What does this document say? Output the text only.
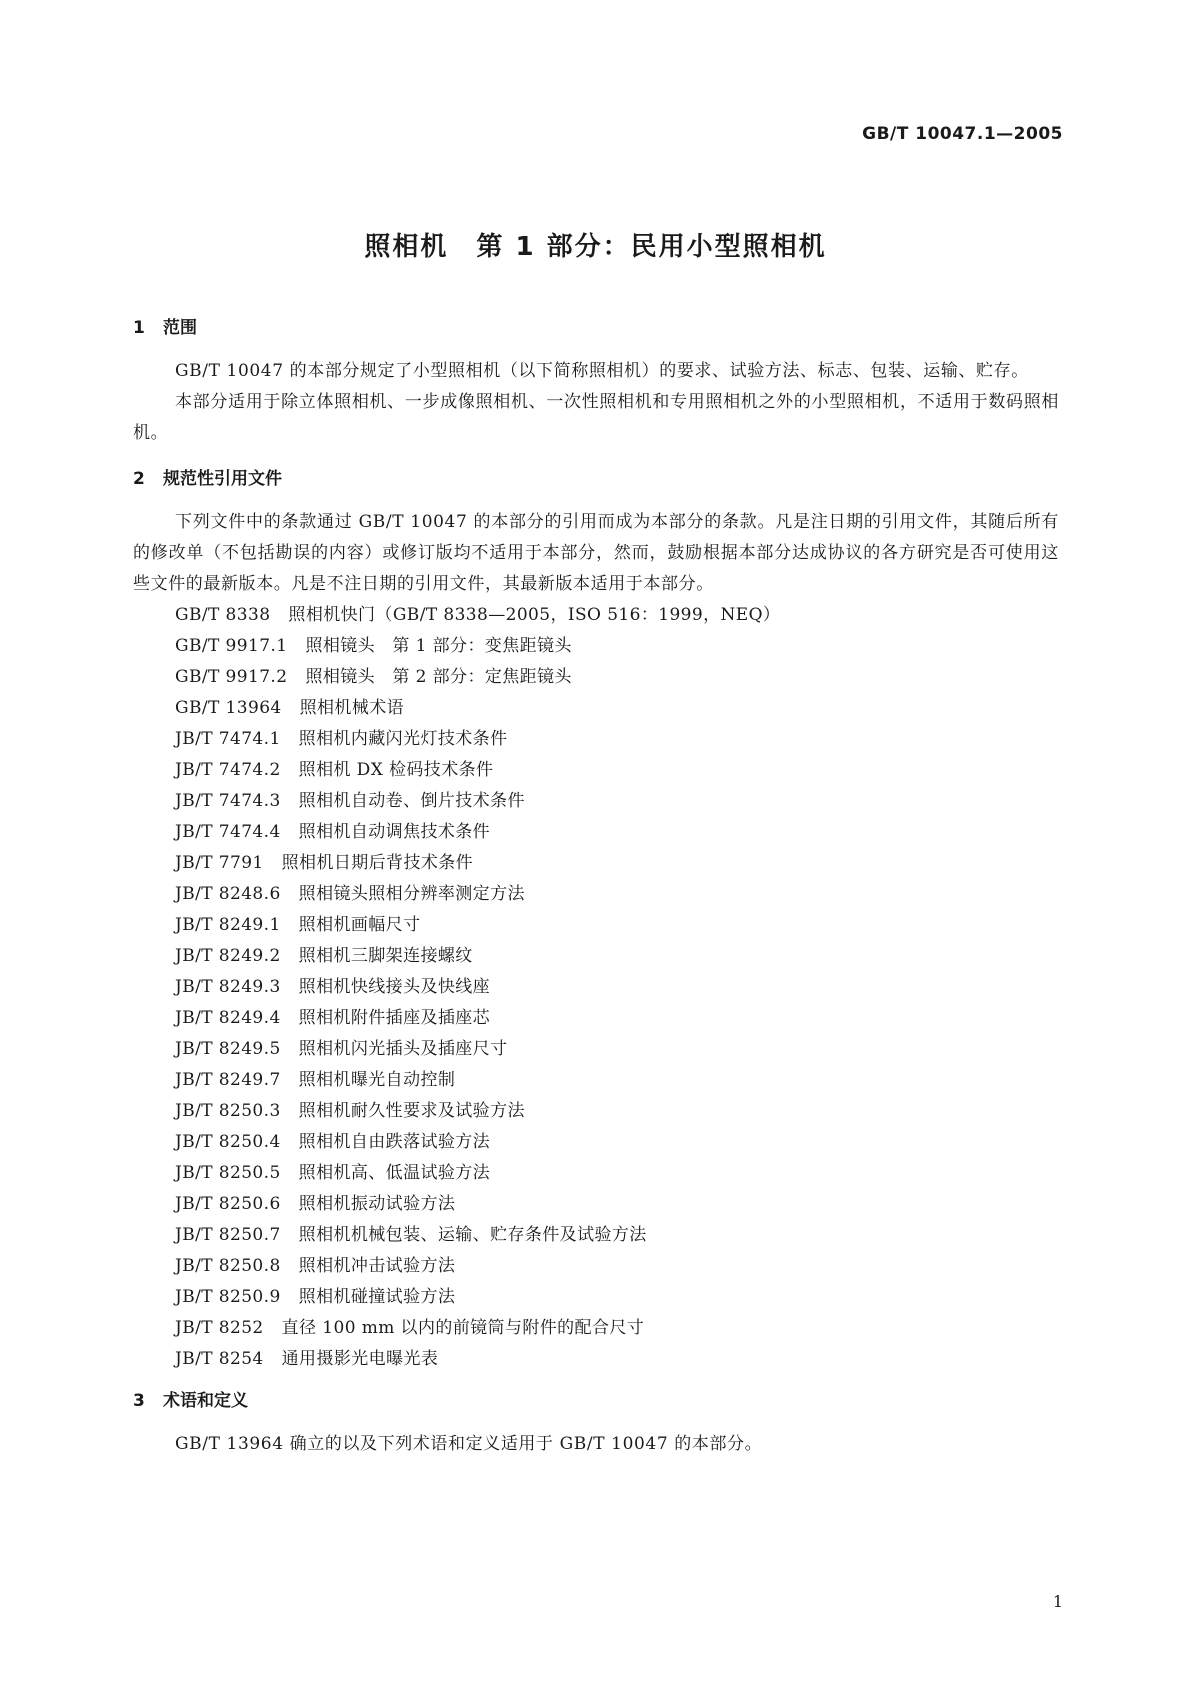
GB/T 10047.1—2005
照相机　第 1 部分：民用小型照相机
1 范围

GB/T 10047 的本部分规定了小型照相机（以下简称照相机）的要求、试验方法、标志、包装、运输、贮存。

本部分适用于除立体照相机、一步成像照相机、一次性照相机和专用照相机之外的小型照相机，不适用于数码照相机。

2 规范性引用文件

下列文件中的条款通过 GB/T 10047 的本部分的引用而成为本部分的条款。凡是注日期的引用文件，其随后所有的修改单（不包括勘误的内容）或修订版均不适用于本部分，然而，鼓励根据本部分达成协议的各方研究是否可使用这些文件的最新版本。凡是不注日期的引用文件，其最新版本适用于本部分。

GB/T 8338 照相机快门（GB/T 8338—2005，ISO 516：1999，NEQ）
GB/T 9917.1 照相镜头　第 1 部分：变焦距镜头
GB/T 9917.2 照相镜头　第 2 部分：定焦距镜头
GB/T 13964 照相机械术语
JB/T 7474.1 照相机内藏闪光灯技术条件
JB/T 7474.2 照相机 DX 检码技术条件
JB/T 7474.3 照相机自动卷、倒片技术条件
JB/T 7474.4 照相机自动调焦技术条件
JB/T 7791 照相机日期后背技术条件
JB/T 8248.6 照相镜头照相分辨率测定方法
JB/T 8249.1 照相机画幅尺寸
JB/T 8249.2 照相机三脚架连接螺纹
JB/T 8249.3 照相机快线接头及快线座
JB/T 8249.4 照相机附件插座及插座芯
JB/T 8249.5 照相机闪光插头及插座尺寸
JB/T 8249.7 照相机曝光自动控制
JB/T 8250.3 照相机耐久性要求及试验方法
JB/T 8250.4 照相机自由跌落试验方法
JB/T 8250.5 照相机高、低温试验方法
JB/T 8250.6 照相机振动试验方法
JB/T 8250.7 照相机机械包装、运输、贮存条件及试验方法
JB/T 8250.8 照相机冲击试验方法
JB/T 8250.9 照相机碰撞试验方法
JB/T 8252 直径 100 mm 以内的前镜筒与附件的配合尺寸
JB/T 8254 通用摄影光电曝光表
3 术语和定义

GB/T 13964 确立的以及下列术语和定义适用于 GB/T 10047 的本部分。

1
